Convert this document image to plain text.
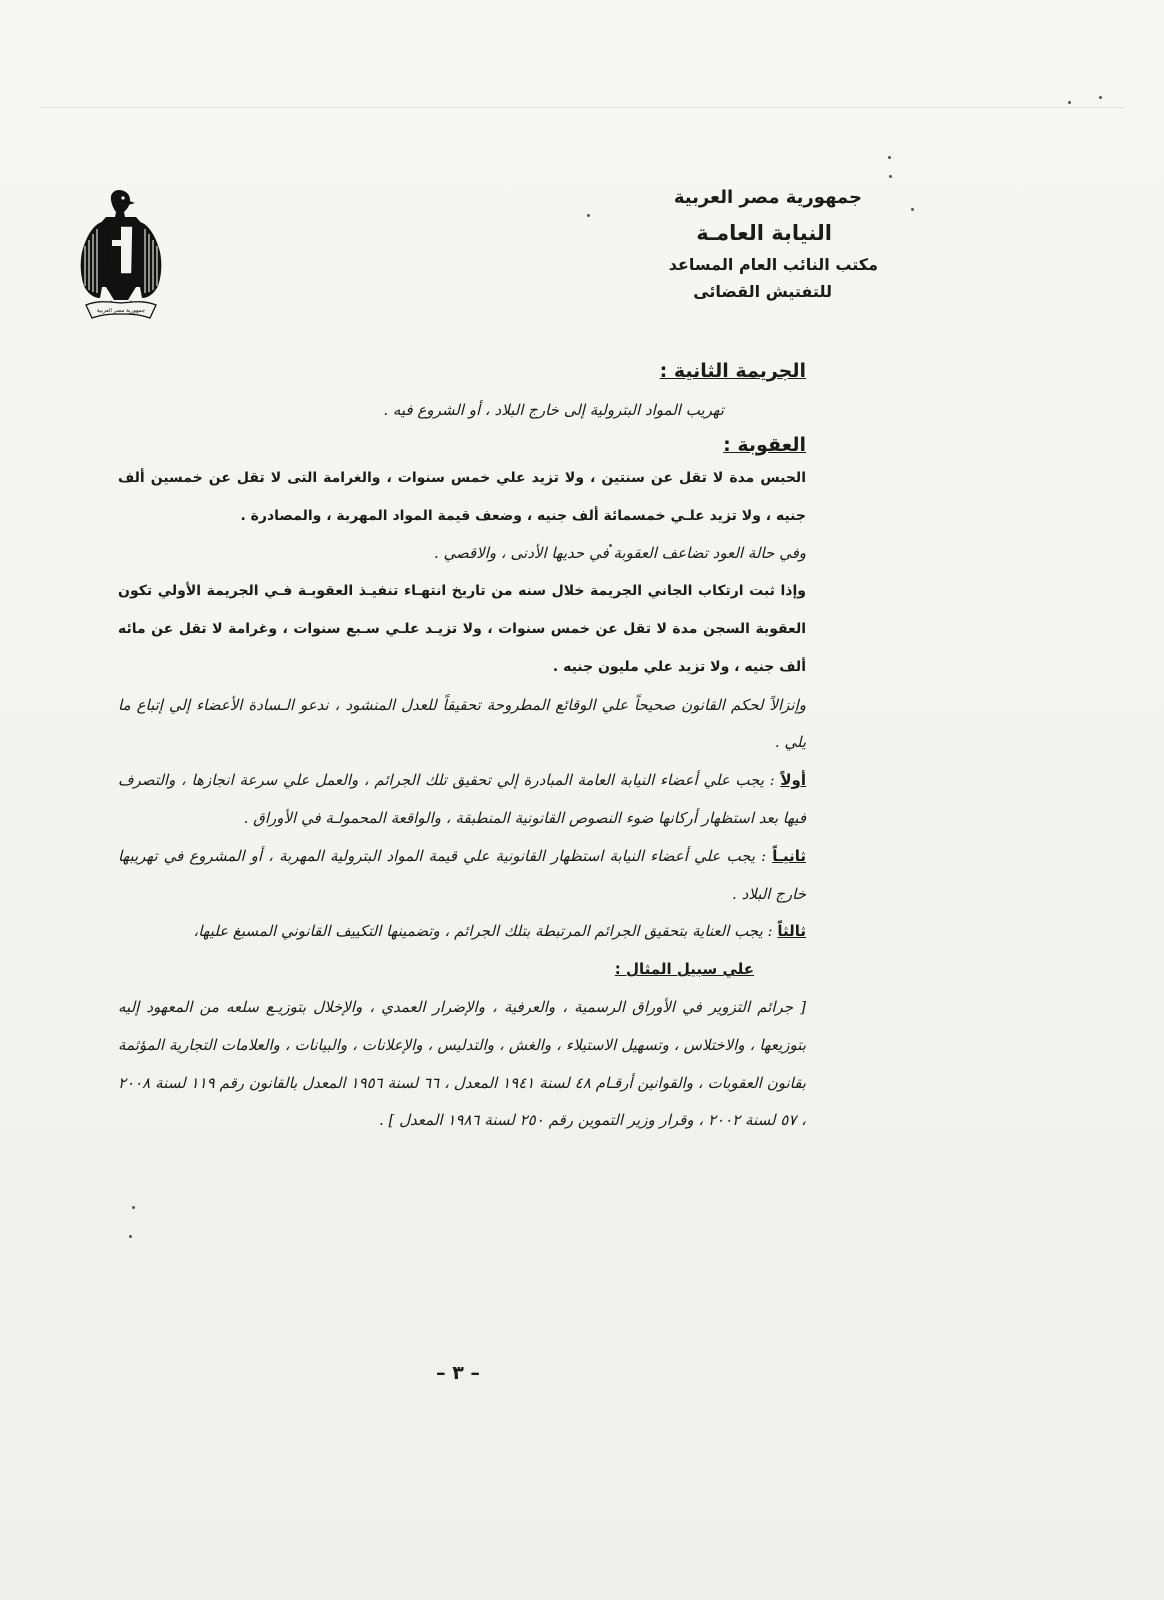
جمهورية مصر العربية
جمهورية مصر العربية
النيابة العامـة
مكتب النائب العام المساعد
للتفتيش القضائى

الجريمة الثانية :

تهريب المواد البترولية إلى خارج البلاد ، أو الشروع فيه .

العقوبة :

الحبس مدة لا تقل عن سنتين ، ولا تزيد علي خمس سنوات ، والغرامة التى لا تقل عن خمسين ألف جنيه ، ولا تزيد علـي خمسمائة ألف جنيه ، وضعف قيمة المواد المهربة ، والمصادرة .

وفي حالة العود تضاعف العقوبة في حديها الأدنى ، والاقصي .

وإذا ثبت ارتكاب الجاني الجريمة خلال سنه من تاريخ انتهـاء تنفيـذ العقوبـة فـي الجريمة الأولي تكون العقوبة السجن مدة لا تقل عن خمس سنوات ، ولا تزيـد علـي سـبع سنوات ، وغرامة لا تقل عن مائه ألف جنيه ، ولا تزيد علي مليون جنيه .

وإنزالاً لحكم القانون صحيحاً علي الوقائع المطروحة تحقيقاً للعدل المنشود ، ندعو الـسادة الأعضاء إلي إتباع ما يلي .

أولاً : يجب علي أعضاء النيابة العامة المبادرة إلي تحقيق تلك الجرائم ، والعمل علي سرعة انجازها ، والتصرف فيها بعد استظهار أركانها ضوء النصوص القانونية المنطبقة ، والواقعة المحمولـة في الأوراق .

ثانيـاً : يجب علي أعضاء النيابة استظهار القانونية علي قيمة المواد البترولية المهربة ، أو المشروع في تهريبها خارج البلاد .

ثالثاً : يجب العناية بتحقيق الجرائم المرتبطة بتلك الجرائم ، وتضمينها التكييف القانوني المسبغ عليها،

علي سبيل المثال :

[ جرائم التزوير في الأوراق الرسمية ، والعرفية ، والإضرار العمدي ، والإخلال بتوزيـع سلعه من المعهود إليه بتوزيعها ، والاختلاس ، وتسهيل الاستيلاء ، والغش ، والتدليس ، والإعلانات ، والبيانات ، والعلامات التجارية المؤثمة بقانون العقوبات ، والقوانين أرقـام ٤٨ لسنة ١٩٤١ المعدل ، ٦٦ لسنة ١٩٥٦ المعدل بالقانون رقم ١١٩ لسنة ٢٠٠٨ ، ٥٧ لسنة ٢٠٠٢ ، وقرار وزير التموين رقم ٢٥٠ لسنة ١٩٨٦ المعدل ] .

– ٣ –
